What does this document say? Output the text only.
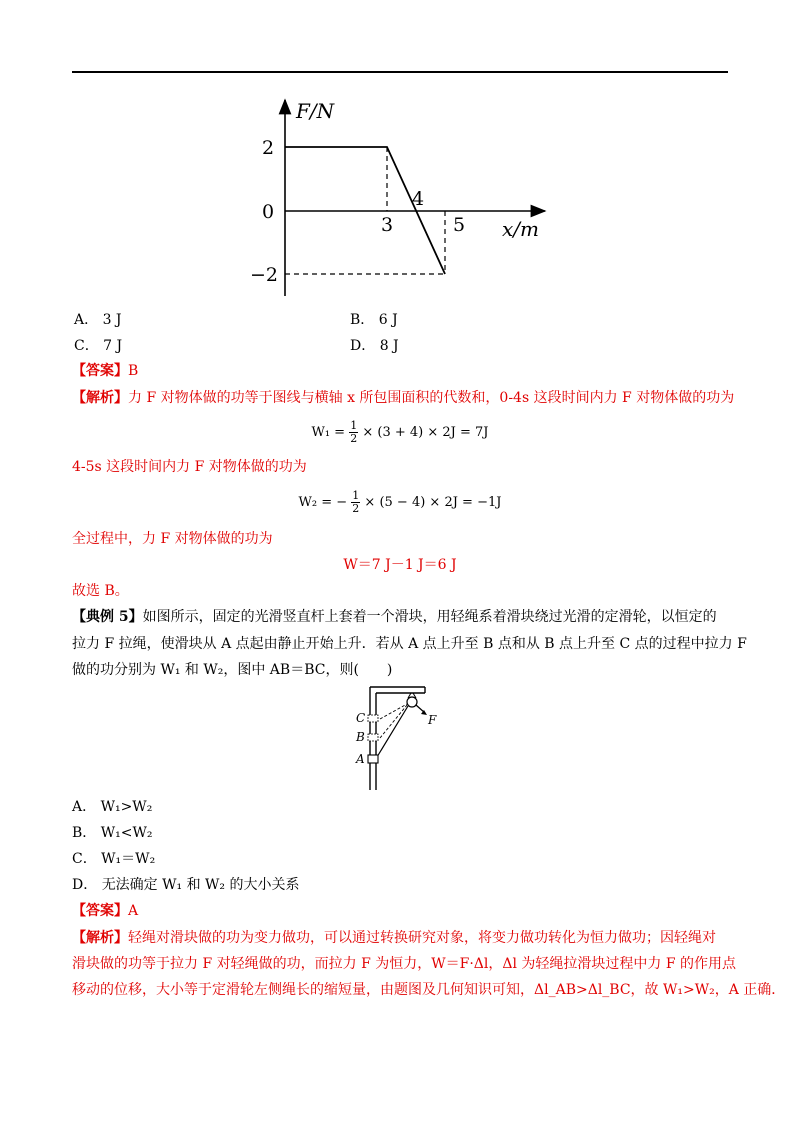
F/N
2
0
−2
3
4
5 x/m
A． 3 J	B． 6 J
C． 7 J	D． 8 J
【答案】B
【解析】力 F 对物体做的功等于图线与横轴 x 所包围面积的代数和，0-4s 这段时间内力 F 对物体做的功为
$W_1 = \frac{1}{2} \times (3 + 4) \times 2J = 7J$
4-5s 这段时间内力 F 对物体做的功为
W₂ = − $\frac{1}{2} \times (5 - 4) \times 2J = -1J$
全过程中，力 F 对物体做的功为
W＝7 J－1 J＝6 J
故选 B。
【典例 5】如图所示，固定的光滑竖直杆上套着一个滑块，用轻绳系着滑块绕过光滑的定滑轮，以恒定的
拉力 F 拉绳，使滑块从 A 点起由静止开始上升．若从 A 点上升至 B 点和从 B 点上升至 C 点的过程中拉力 F
做的功分别为 W₁ 和 W₂，图中 AB＝BC，则(　　)
C
B
A
F
A． W₁>W₂
B． W₁<W₂
C． W₁＝W₂
D． 无法确定 W₁ 和 W₂ 的大小关系
【答案】A
【解析】轻绳对滑块做的功为变力做功，可以通过转换研究对象，将变力做功转化为恒力做功；因轻绳对
滑块做的功等于拉力 F 对轻绳做的功，而拉力 F 为恒力，W＝F·Δl，Δl 为轻绳拉滑块过程中力 F 的作用点
移动的位移，大小等于定滑轮左侧绳长的缩短量，由题图及几何知识可知，Δl_AB>Δl_BC，故 W₁>W₂，A 正确．
